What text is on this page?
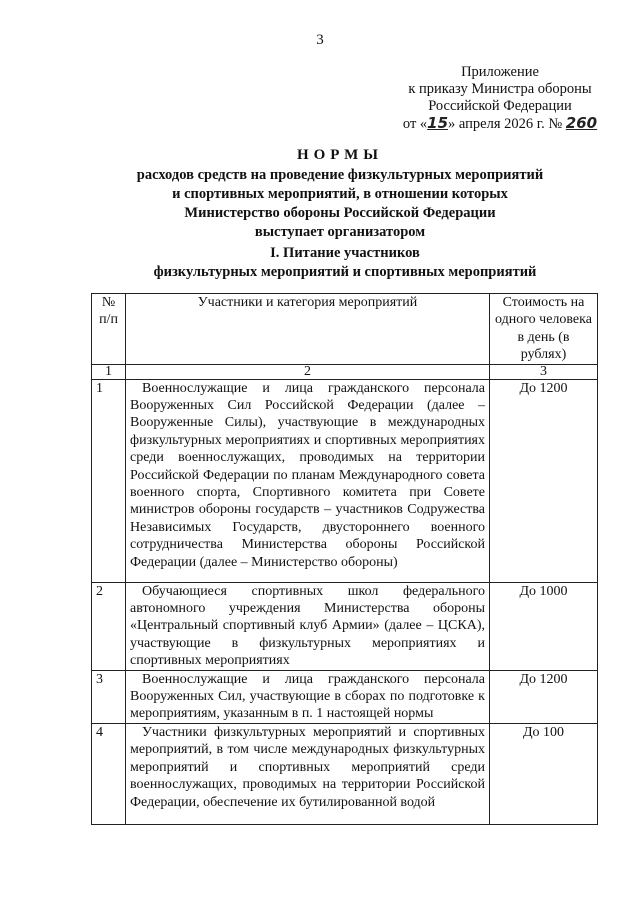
3
Приложение
к приказу Министра обороны
Российской Федерации
от «15» апреля 2026 г. № 260
НОРМЫ
расходов средств на проведение физкультурных мероприятий
и спортивных мероприятий, в отношении которых
Министерство обороны Российской Федерации
выступает организатором
I. Питание участников
физкультурных мероприятий и спортивных мероприятий
№ п/п	Участники и категория мероприятий	Стоимость на одного человека в день (в рублях)
1	2	3
1	Военнослужащие и лица гражданского персонала Вооруженных Сил Российской Федерации (далее – Вооруженные Силы), участвующие в международных физкультурных мероприятиях и спортивных мероприятиях среди военнослужащих, проводимых на территории Российской Федерации по планам Международного совета военного спорта, Спортивного комитета при Совете министров обороны государств – участников Содружества Независимых Государств, двустороннего военного сотрудничества Министерства обороны Российской Федерации (далее – Министерство обороны)	До 1200
2	Обучающиеся спортивных школ федерального автономного учреждения Министерства обороны «Центральный спортивный клуб Армии» (далее – ЦСКА), участвующие в физкультурных мероприятиях и спортивных мероприятиях	До 1000
3	Военнослужащие и лица гражданского персонала Вооруженных Сил, участвующие в сборах по подготовке к мероприятиям, указанным в п. 1 настоящей нормы	До 1200
4	Участники физкультурных мероприятий и спортивных мероприятий, в том числе международных физкультурных мероприятий и спортивных мероприятий среди военнослужащих, проводимых на территории Российской Федерации, обеспечение их бутилированной водой	До 100
